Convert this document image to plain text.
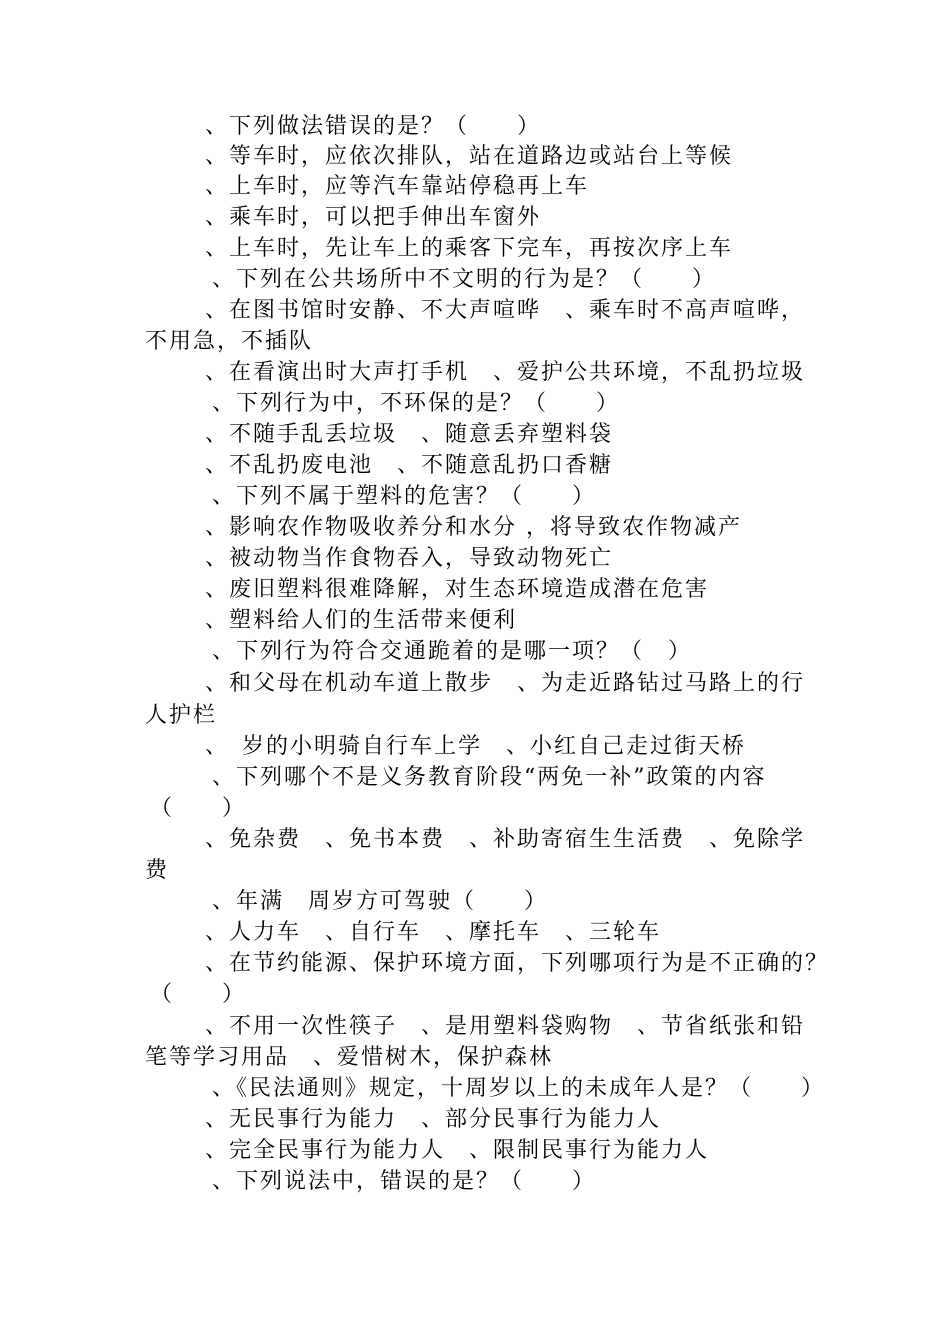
、下列做法错误的是？（　　）
、等车时，应依次排队，站在道路边或站台上等候
、上车时，应等汽车靠站停稳再上车
、乘车时，可以把手伸出车窗外
、上车时，先让车上的乘客下完车，再按次序上车
、下列在公共场所中不文明的行为是？（　　）
、在图书馆时安静、不大声喧哗　、乘车时不高声喧哗，
不用急，不插队
、在看演出时大声打手机　、爱护公共环境，不乱扔垃圾
、下列行为中，不环保的是？（　　）
、不随手乱丢垃圾　、随意丢弃塑料袋
、不乱扔废电池　、不随意乱扔口香糖
、下列不属于塑料的危害？（　　）
、影响农作物吸收养分和水分 ，将导致农作物减产
、被动物当作食物吞入，导致动物死亡
、废旧塑料很难降解，对生态环境造成潜在危害
、塑料给人们的生活带来便利
、下列行为符合交通跪着的是哪一项？（　）
、和父母在机动车道上散步　、为走近路钻过马路上的行
人护栏
、　岁的小明骑自行车上学　、小红自己走过街天桥
、下列哪个不是义务教育阶段“两免一补”政策的内容
（　　）
、免杂费　、免书本费　、补助寄宿生生活费　、免除学
费
、年满　周岁方可驾驶（　　）
、人力车　、自行车　、摩托车　、三轮车
、在节约能源、保护环境方面，下列哪项行为是不正确的？
（　　）
、不用一次性筷子　、是用塑料袋购物　、节省纸张和铅
笔等学习用品　、爱惜树木，保护森林
、《民法通则》规定，十周岁以上的未成年人是？（　　）
、无民事行为能力　、部分民事行为能力人
、完全民事行为能力人　、限制民事行为能力人
、下列说法中，错误的是？（　　）
